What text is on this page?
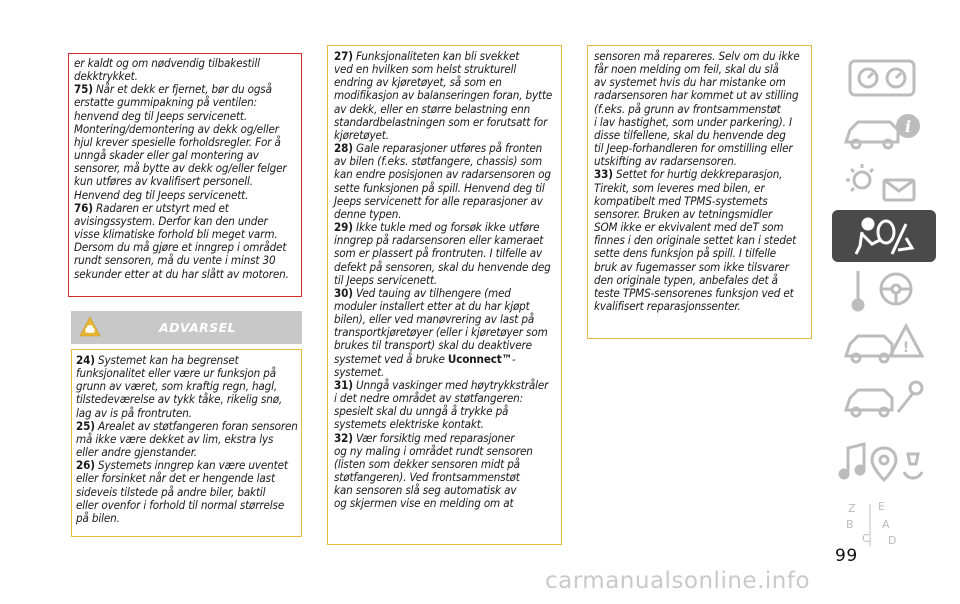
er kaldt og om nødvendig tilbakestill
dekktrykket.

75) Når et dekk er fjernet, bør du også
erstatte gummipakning på ventilen:
henvend deg til Jeeps servicenett.
Montering/demontering av dekk og/eller
hjul krever spesielle forholdsregler. For å
unngå skader eller gal montering av
sensorer, må bytte av dekk og/eller felger
kun utføres av kvalifisert personell.
Henvend deg til Jeeps servicenett.

76) Radaren er utstyrt med et
avisingssystem. Derfor kan den under
visse klimatiske forhold bli meget varm.
Dersom du må gjøre et inngrep i området
rundt sensoren, må du vente i minst 30
sekunder etter at du har slått av motoren.

ADVARSEL

24) Systemet kan ha begrenset
funksjonalitet eller være ur funksjon på
grunn av været, som kraftig regn, hagl,
tilstedeværelse av tykk tåke, rikelig snø,
lag av is på frontruten.

25) Arealet av støtfangeren foran sensoren
må ikke være dekket av lim, ekstra lys
eller andre gjenstander.

26) Systemets inngrep kan være uventet
eller forsinket når det er hengende last
sideveis tilstede på andre biler, baktil
eller ovenfor i forhold til normal størrelse
på bilen.

27) Funksjonaliteten kan bli svekket
ved en hvilken som helst strukturell
endring av kjøretøyet, så som en
modifikasjon av balanseringen foran, bytte
av dekk, eller en større belastning enn
standardbelastningen som er forutsatt for
kjøretøyet.

28) Gale reparasjoner utføres på fronten
av bilen (f.eks. støtfangere, chassis) som
kan endre posisjonen av radarsensoren og
sette funksjonen på spill. Henvend deg til
Jeeps servicenett for alle reparasjoner av
denne typen.

29) Ikke tukle med og forsøk ikke utføre
inngrep på radarsensoren eller kameraet
som er plassert på frontruten. I tilfelle av
defekt på sensoren, skal du henvende deg
til Jeeps servicenett.

30) Ved tauing av tilhengere (med
moduler installert etter at du har kjøpt
bilen), eller ved manøvrering av last på
transportkjøretøyer (eller i kjøretøyer som
brukes til transport) skal du deaktivere
systemet ved å bruke Uconnect™-
systemet.

31) Unngå vaskinger med høytrykkstråler
i det nedre området av støtfangeren:
spesielt skal du unngå å trykke på
systemets elektriske kontakt.

32) Vær forsiktig med reparasjoner
og ny maling i området rundt sensoren
(listen som dekker sensoren midt på
støtfangeren). Ved frontsammenstøt
kan sensoren slå seg automatisk av
og skjermen vise en melding om at

sensoren må repareres. Selv om du ikke
får noen melding om feil, skal du slå
av systemet hvis du har mistanke om
radarsensoren har kommet ut av stilling
(f.eks. på grunn av frontsammenstøt
i lav hastighet, som under parkering). I
disse tilfellene, skal du henvende deg
til Jeep-forhandleren for omstilling eller
utskifting av radarsensoren.

33) Settet for hurtig dekkreparasjon,
Tirekit, som leveres med bilen, er
kompatibelt med TPMS-systemets
sensorer. Bruken av tetningsmidler
SOM ikke er ekvivalent med deT som
finnes i den originale settet kan i stedet
sette dens funksjon på spill. I tilfelle
bruk av fugemasser som ikke tilsvarer
den originale typen, anbefales det å
teste TPMS-sensorenes funksjon ved et
kvalifisert reparasjonssenter.

i
!
Z E
B
C
A
D
99
carmanualsonline.info
